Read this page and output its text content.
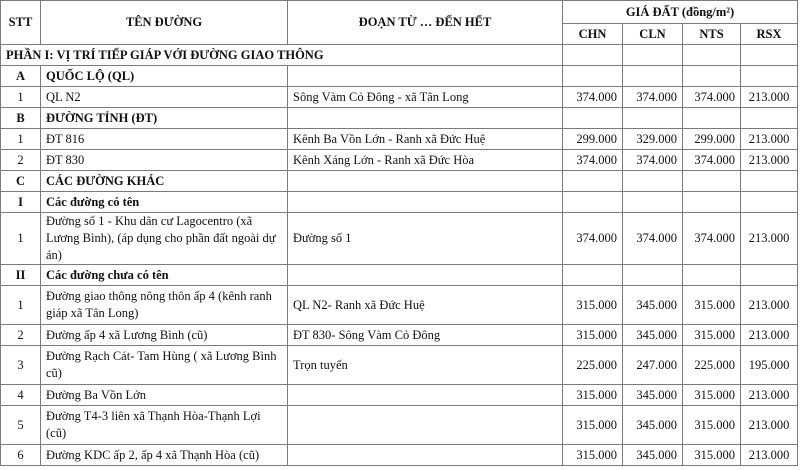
STT	TÊN ĐƯỜNG	ĐOẠN TỪ … ĐẾN HẾT	GIÁ ĐẤT (đồng/m²)			
			CHN	CLN	NTS	RSX
PHẦN I: VỊ TRÍ TIẾP GIÁP VỚI ĐƯỜNG GIAO THÔNG						
A	QUỐC LỘ (QL)					
1	QL N2	Sông Vàm Cỏ Đông - xã Tân Long	374.000	374.000	374.000	213.000
B	ĐƯỜNG TỈNH (ĐT)					
1	ĐT 816	Kênh Ba Vồn Lớn - Ranh xã Đức Huệ	299.000	329.000	299.000	213.000
2	ĐT 830	Kênh Xáng Lớn - Ranh xã Đức Hòa	374.000	374.000	374.000	213.000
C	CÁC ĐƯỜNG KHÁC					
I	Các đường có tên					
1	Đường số 1 - Khu dân cư Lagocentro (xã Lương Bình), (áp dụng cho phần đất ngoài dự án)	Đường số 1	374.000	374.000	374.000	213.000
II	Các đường chưa có tên					
1	Đường giao thông nông thôn ấp 4 (kênh ranh giáp xã Tân Long)	QL N2- Ranh xã Đức Huệ	315.000	345.000	315.000	213.000
2	Đường ấp 4 xã Lương Bình (cũ)	ĐT 830- Sông Vàm Cỏ Đông	315.000	345.000	315.000	213.000
3	Đường Rạch Cát- Tam Hùng ( xã Lương Bình cũ)	Trọn tuyến	225.000	247.000	225.000	195.000
4	Đường Ba Vồn Lớn		315.000	345.000	315.000	213.000
5	Đường T4-3 liên xã Thạnh Hòa-Thạnh Lợi (cũ)		315.000	345.000	315.000	213.000
6	Đường KDC ấp 2, ấp 4 xã Thạnh Hòa (cũ)		315.000	345.000	315.000	213.000
